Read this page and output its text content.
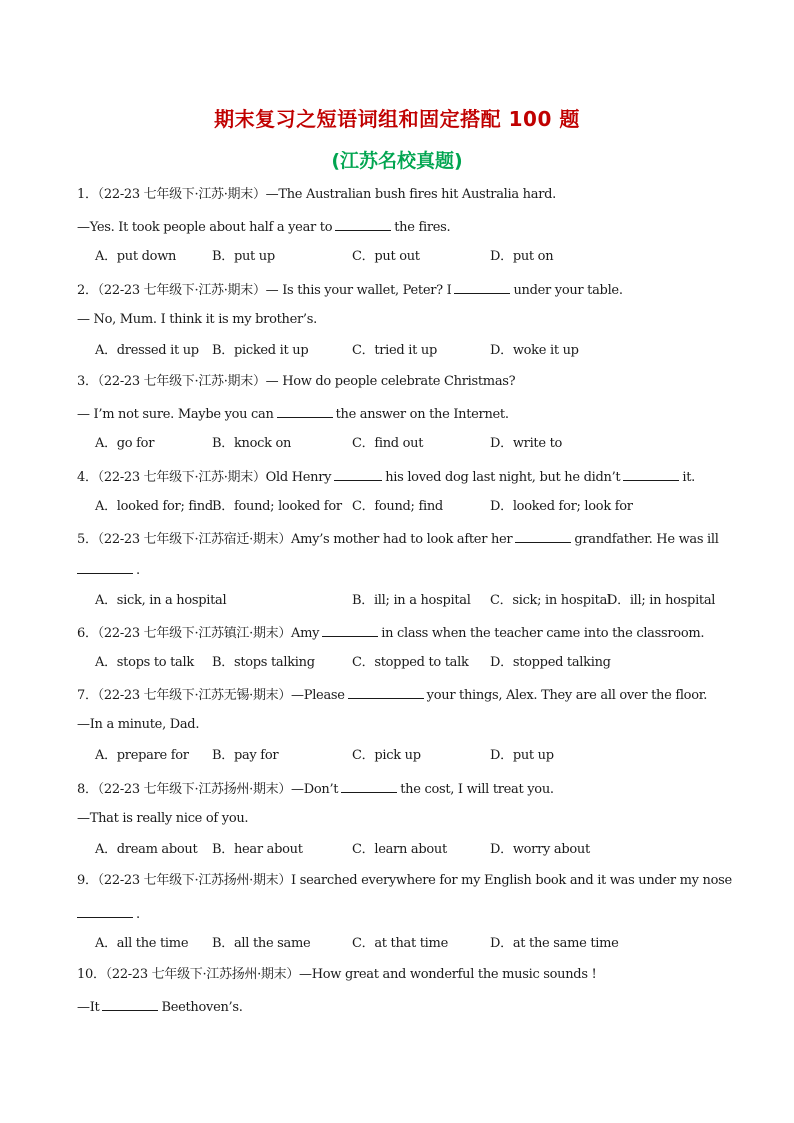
期末复习之短语词组和固定搭配 100 题
(江苏名校真题)
1．（22-23 七年级下·江苏·期末）—The Australian bush fires hit Australia hard.
—Yes. It took people about half a year to	the fires.
A．put down	B．put up	C．put out	D．put on
2．（22-23 七年级下·江苏·期末）— Is this your wallet, Peter? I	under your table.
— No, Mum. I think it is my brother’s.
A．dressed it up B．picked it up	C．tried it up	D．woke it up
3．（22-23 七年级下·江苏·期末）— How do people celebrate Christmas?
— I’m not sure. Maybe you can	the answer on the Internet.
A．go for	B．knock on	C．find out	D．write to
4．（22-23 七年级下·江苏·期末）Old Henry	his loved dog last night, but he didn’t	it.
A．looked for; find B．found; looked for C．found; find	D．looked for; look for
5．（22-23 七年级下·江苏宿迁·期末）Amy’s mother had to look after her	grandfather. He was ill
.
A．sick, in a hospital	B．ill; in a hospital C．sick; in hospital
D．ill; in hospital
6．（22-23 七年级下·江苏镇江·期末）Amy	in class when the teacher came into the classroom.
A．stops to talk B．stops talking	C．stopped to talk D．stopped talking
7．（22-23 七年级下·江苏无锡·期末）—Please	your things, Alex. They are all over the floor.
—In a minute, Dad.
A．prepare for B．pay for	C．pick up	D．put up
8．（22-23 七年级下·江苏扬州·期末）—Don’t	the cost, I will treat you.
—That is really nice of you.
A．dream about B．hear about	C．learn about	D．worry about
9．（22-23 七年级下·江苏扬州·期末）I searched everywhere for my English book and it was under my nose
.
A．all the time B．all the same	C．at that time	D．at the same time
10．（22-23 七年级下·江苏扬州·期末）—How great and wonderful the music sounds !
—It	Beethoven’s.
